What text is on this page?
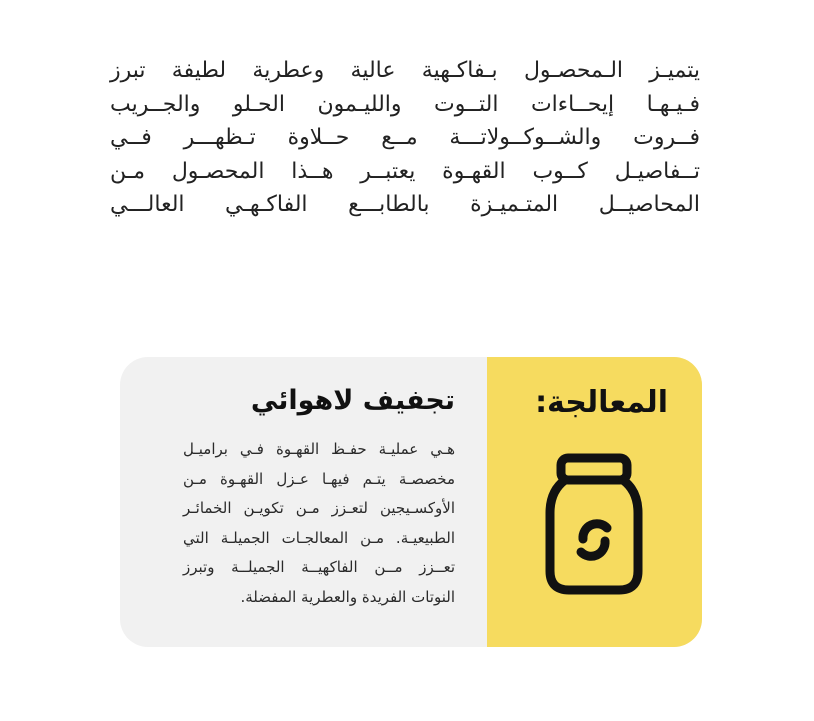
يتميـز الـمحصـول بـفاكـهية عالية وعطرية لطيفة تبرز
فـيـهـا إيحــاءات التــوت والليـمون الحـلو والجــريب
فــروت والشــوكــولاتـــة مــع حــلاوة تـظهـــر فــي
تــفاصيـل كــوب القهـوة يعتبــر هــذا المحصـول مـن
المحاصيــل المتـميـزة بالطابـــع الفاكـهـي العالـــي
المعالجة:
تجفيف لاهوائي
هـي عمليـة حفـظ القهـوة فـي براميـل
مخصصـة يتـم فيهـا عـزل القهـوة مـن
الأوكسـيجين لتعـزز مـن تكويـن الخمائـر
الطبيعيـة. مـن المعالجـات الجميلـة التي
تعــزز مــن الفاكهيــة الجميلــة وتبرز
النوتات الفريدة والعطرية المفضلة.
